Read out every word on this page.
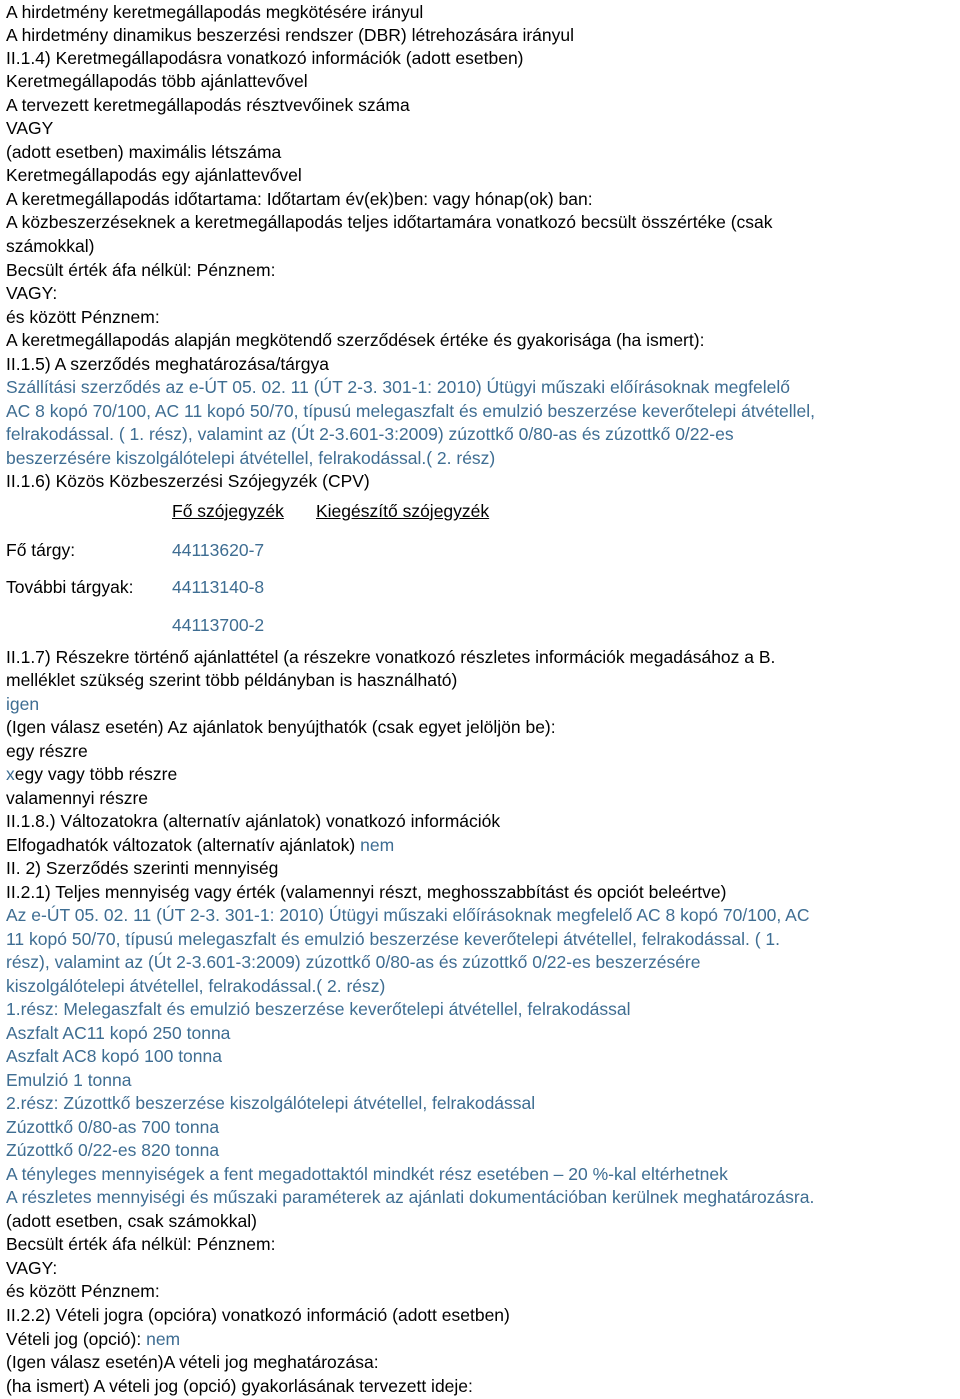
A hirdetmény keretmegállapodás megkötésére irányul
A hirdetmény dinamikus beszerzési rendszer (DBR) létrehozására irányul
II.1.4) Keretmegállapodásra vonatkozó információk (adott esetben)
Keretmegállapodás több ajánlattevővel
A tervezett keretmegállapodás résztvevőinek száma
VAGY
(adott esetben) maximális létszáma
Keretmegállapodás egy ajánlattevővel
A keretmegállapodás időtartama: Időtartam év(ek)ben: vagy hónap(ok) ban:
A közbeszerzéseknek a keretmegállapodás teljes időtartamára vonatkozó becsült összértéke (csak
számokkal)
Becsült érték áfa nélkül: Pénznem:
VAGY:
és között Pénznem:
A keretmegállapodás alapján megkötendő szerződések értéke és gyakorisága (ha ismert):
II.1.5) A szerződés meghatározása/tárgya
Szállítási szerződés az e-ÚT 05. 02. 11 (ÚT 2-3. 301-1: 2010) Útügyi műszaki előírásoknak megfelelő
AC 8 kopó 70/100, AC 11 kopó 50/70, típusú melegaszfalt és emulzió beszerzése keverőtelepi átvétellel,
felrakodással. ( 1. rész), valamint az (Út 2-3.601-3:2009) zúzottkő 0/80-as és zúzottkő 0/22-es
beszerzésére kiszolgálótelepi átvétellel, felrakodással.( 2. rész)
II.1.6) Közös Közbeszerzési Szójegyzék (CPV)
Fő szójegyzék Kiegészítő szójegyzék
Fő tárgy:	44113620-7
További tárgyak: 44113140-8
44113700-2
II.1.7) Részekre történő ajánlattétel (a részekre vonatkozó részletes információk megadásához a B.
melléklet szükség szerint több példányban is használható)
igen
(Igen válasz esetén) Az ajánlatok benyújthatók (csak egyet jelöljön be):
egy részre
xegy vagy több részre
valamennyi részre
II.1.8.) Változatokra (alternatív ajánlatok) vonatkozó információk
Elfogadhatók változatok (alternatív ajánlatok) nem
II. 2) Szerződés szerinti mennyiség
II.2.1) Teljes mennyiség vagy érték (valamennyi részt, meghosszabbítást és opciót beleértve)
Az e-ÚT 05. 02. 11 (ÚT 2-3. 301-1: 2010) Útügyi műszaki előírásoknak megfelelő AC 8 kopó 70/100, AC
11 kopó 50/70, típusú melegaszfalt és emulzió beszerzése keverőtelepi átvétellel, felrakodással. ( 1.
rész), valamint az (Út 2-3.601-3:2009) zúzottkő 0/80-as és zúzottkő 0/22-es beszerzésére
kiszolgálótelepi átvétellel, felrakodással.( 2. rész)
1.rész: Melegaszfalt és emulzió beszerzése keverőtelepi átvétellel, felrakodással
Aszfalt AC11 kopó 250 tonna
Aszfalt AC8 kopó 100 tonna
Emulzió 1 tonna
2.rész: Zúzottkő beszerzése kiszolgálótelepi átvétellel, felrakodással
Zúzottkő 0/80-as 700 tonna
Zúzottkő 0/22-es 820 tonna
A tényleges mennyiségek a fent megadottaktól mindkét rész esetében – 20 %-kal eltérhetnek
A részletes mennyiségi és műszaki paraméterek az ajánlati dokumentációban kerülnek meghatározásra.
(adott esetben, csak számokkal)
Becsült érték áfa nélkül: Pénznem:
VAGY:
és között Pénznem:
II.2.2) Vételi jogra (opcióra) vonatkozó információ (adott esetben)
Vételi jog (opció): nem
(Igen válasz esetén)A vételi jog meghatározása:
(ha ismert) A vételi jog (opció) gyakorlásának tervezett ideje:
